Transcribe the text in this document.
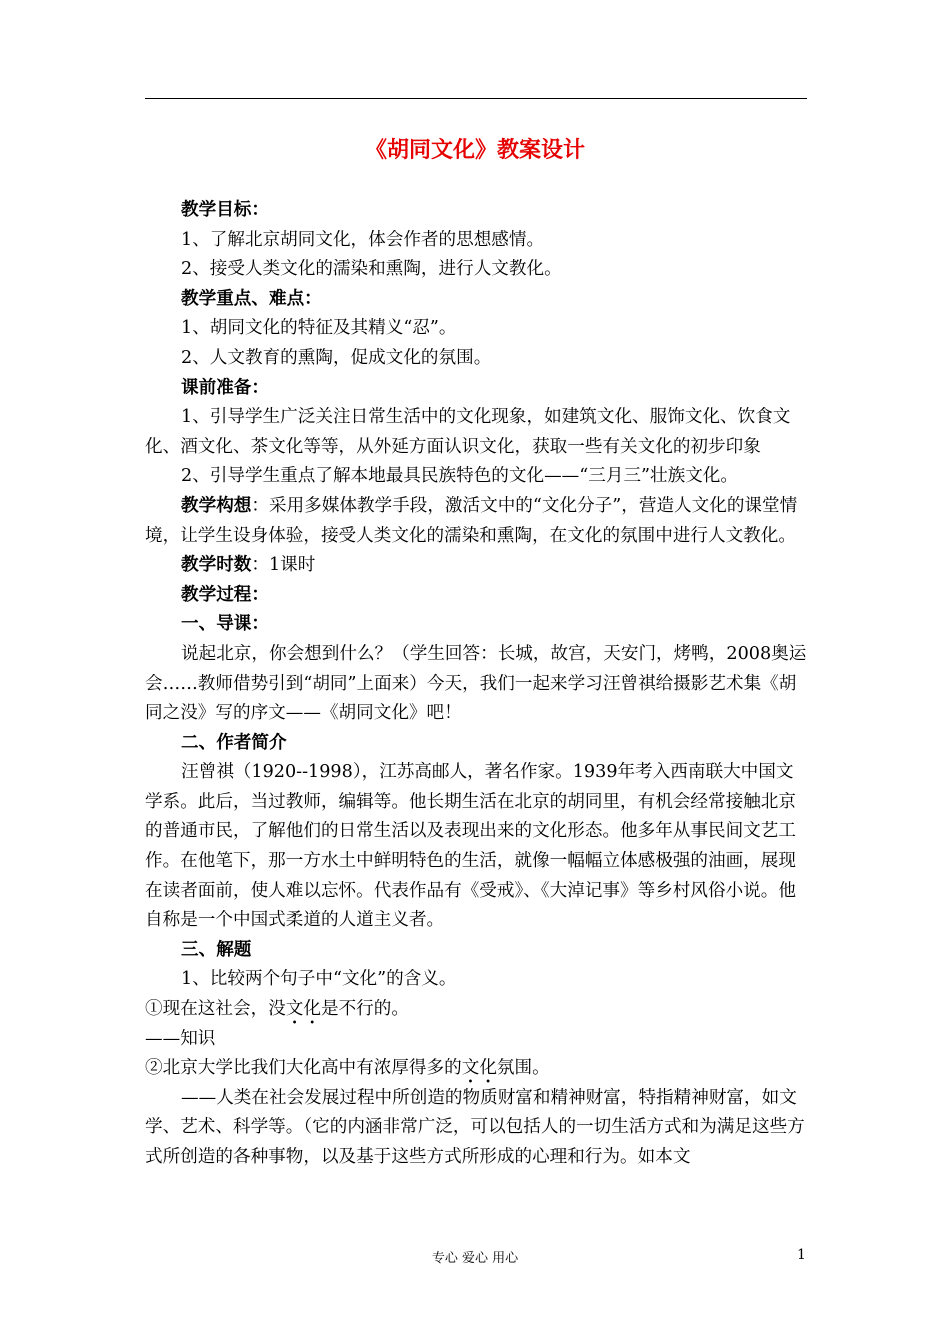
《胡同文化》教案设计

教学目标：

1、了解北京胡同文化，体会作者的思想感情。

2、接受人类文化的濡染和熏陶，进行人文教化。

教学重点、难点：

1、胡同文化的特征及其精义“忍”。

2、人文教育的熏陶，促成文化的氛围。

课前准备：

1、引导学生广泛关注日常生活中的文化现象，如建筑文化、服饰文化、饮食文化、酒文化、茶文化等等，从外延方面认识文化，获取一些有关文化的初步印象

2、引导学生重点了解本地最具民族特色的文化——“三月三”壮族文化。

教学构想：采用多媒体教学手段，激活文中的“文化分子”，营造人文化的课堂情境，让学生设身体验，接受人类文化的濡染和熏陶，在文化的氛围中进行人文教化。

教学时数：1课时

教学过程：

一、导课：

说起北京，你会想到什么？（学生回答：长城，故宫，天安门，烤鸭，2008奥运会……教师借势引到“胡同”上面来）今天，我们一起来学习汪曾祺给摄影艺术集《胡同之没》写的序文——《胡同文化》吧！

二、作者简介

汪曾祺（1920--1998），江苏高邮人，著名作家。1939年考入西南联大中国文学系。此后，当过教师，编辑等。他长期生活在北京的胡同里，有机会经常接触北京的普通市民，了解他们的日常生活以及表现出来的文化形态。他多年从事民间文艺工作。在他笔下，那一方水土中鲜明特色的生活，就像一幅幅立体感极强的油画，展现在读者面前，使人难以忘怀。代表作品有《受戒》、《大淖记事》等乡村风俗小说。他自称是一个中国式柔道的人道主义者。

三、解题

1、比较两个句子中“文化”的含义。

①现在这社会，没文化是不行的。

——知识

②北京大学比我们大化高中有浓厚得多的文化氛围。

——人类在社会发展过程中所创造的物质财富和精神财富，特指精神财富，如文学、艺术、科学等。（它的内涵非常广泛，可以包括人的一切生活方式和为满足这些方式所创造的各种事物，以及基于这些方式所形成的心理和行为。如本文

专心 爱心 用心	1
